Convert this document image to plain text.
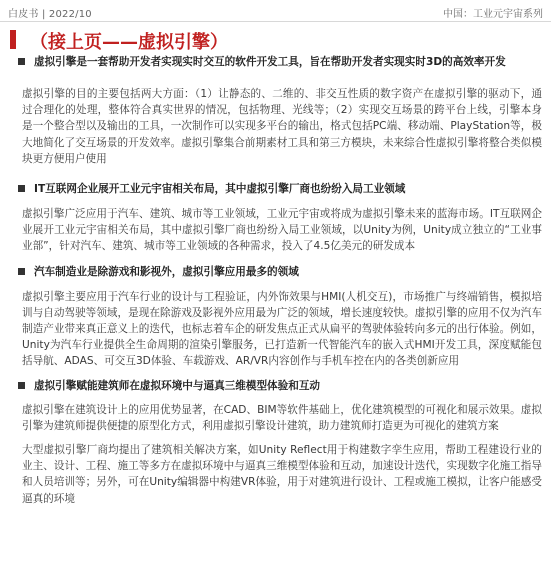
白皮书 | 2022/10	中国：工业元宇宙系列
（接上页——虚拟引擎）
虚拟引擎是一套帮助开发者实现实时交互的软件开发工具，旨在帮助开发者实现实时3D的高效率开发
虚拟引擎的目的主要包括两大方面：（1）让静态的、二维的、非交互性质的数字资产在虚拟引擎的驱动下，通过合理化的处理，整体符合真实世界的情况，包括物理、光线等；（2）实现交互场景的跨平台上线，引擎本身是一个整合型以及输出的工具，一次制作可以实现多平台的输出，格式包括PC端、移动端、PlayStation等，极大地简化了交互场景的开发效率。虚拟引擎集合前期素材工具和第三方模块，未来综合性虚拟引擎将整合类似模块更方便用户使用
IT互联网企业展开工业元宇宙相关布局，其中虚拟引擎厂商也纷纷入局工业领域
虚拟引擎广泛应用于汽车、建筑、城市等工业领域，工业元宇宙或将成为虚拟引擎未来的蓝海市场。IT互联网企业展开工业元宇宙相关布局，其中虚拟引擎厂商也纷纷入局工业领域，以Unity为例，Unity成立独立的“工业事业部”，针对汽车、建筑、城市等工业领域的各种需求，投入了4.5亿美元的研发成本
汽车制造业是除游戏和影视外，虚拟引擎应用最多的领域
虚拟引擎主要应用于汽车行业的设计与工程验证，内外饰效果与HMI(人机交互)，市场推广与终端销售，模拟培训与自动驾驶等领域，是现在除游戏及影视外应用最为广泛的领域，增长速度较快。虚拟引擎的应用不仅为汽车制造产业带来真正意义上的迭代，也标志着车企的研发焦点正式从扁平的驾驶体验转向多元的出行体验。例如，Unity为汽车行业提供全生命周期的渲染引擎服务，已打造新一代智能汽车的嵌入式HMI开发工具，深度赋能包括导航、ADAS、可交互3D体验、车载游戏、AR/VR内容创作与手机车控在内的各类创新应用
虚拟引擎赋能建筑师在虚拟环境中与逼真三维模型体验和互动
虚拟引擎在建筑设计上的应用优势显著，在CAD、BIM等软件基础上，优化建筑模型的可视化和展示效果。虚拟引擎为建筑师提供便捷的原型化方式，利用虚拟引擎设计建筑，助力建筑师打造更为可视化的建筑方案
大型虚拟引擎厂商均提出了建筑相关解决方案，如Unity Reflect用于构建数字孪生应用，帮助工程建设行业的业主、设计、工程、施工等多方在虚拟环境中与逼真三维模型体验和互动，加速设计迭代，实现数字化施工指导和人员培训等；另外，可在Unity编辑器中构建VR体验，用于对建筑进行设计、工程或施工模拟，让客户能感受逼真的环境
